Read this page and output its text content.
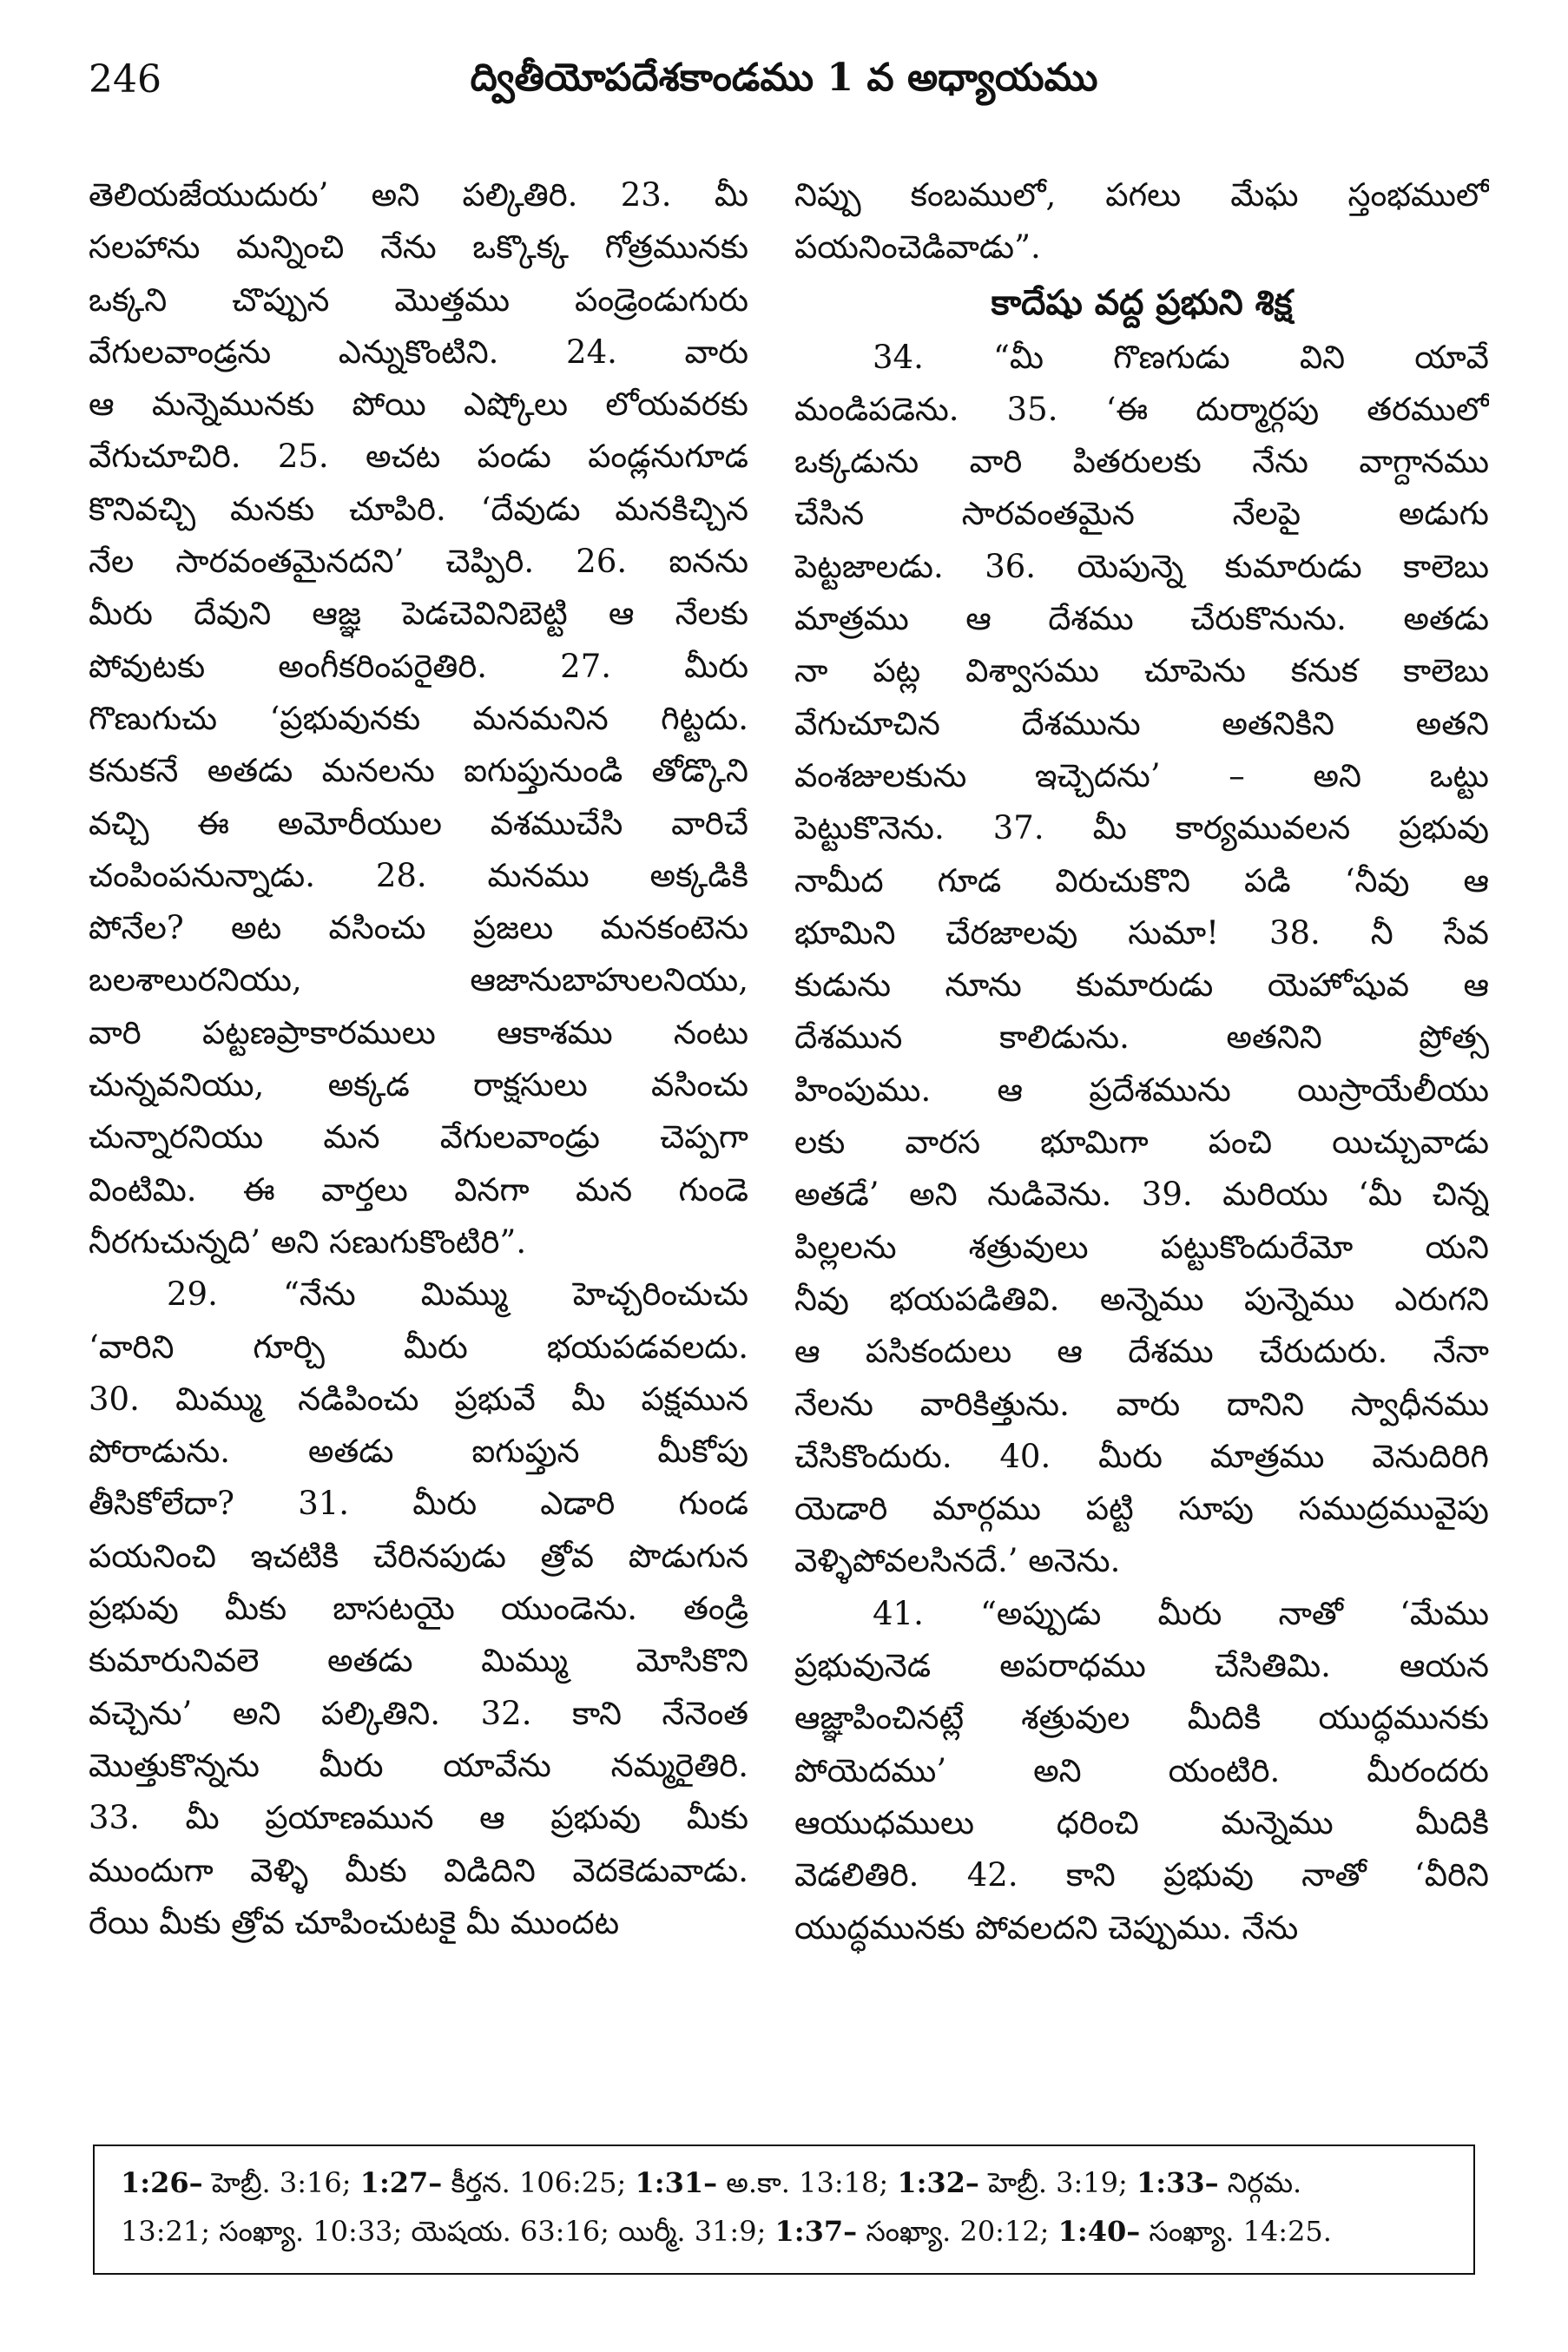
246	ద్వితీయోపదేశకాండము 1 వ అధ్యాయము
తెలియజేయుదురు’ అని పల్కితిరి. 23. మీ
సలహాను మన్నించి నేను ఒక్కొక్క గోత్రమునకు
ఒక్కని చొప్పున మొత్తము పండ్రెండుగురు
వేగులవాండ్రను ఎన్నుకొంటిని. 24. వారు
ఆ మన్నెమునకు పోయి ఎష్కోలు లోయవరకు
వేగుచూచిరి. 25. అచట పండు పండ్లనుగూడ
కొనివచ్చి మనకు చూపిరి. ‘దేవుడు మనకిచ్చిన
నేల సారవంతమైనదని’ చెప్పిరి. 26. ఐనను
మీరు దేవుని ఆజ్ఞ పెడచెవినిబెట్టి ఆ నేలకు
పోవుటకు అంగీకరింపరైతిరి. 27. మీరు
గొణుగుచు ‘ప్రభువునకు మనమనిన గిట్టదు.
కనుకనే అతడు మనలను ఐగుప్తునుండి తోడ్కొని
వచ్చి ఈ అమోరీయుల వశముచేసి వారిచే
చంపింపనున్నాడు. 28. మనము అక్కడికి
పోనేల? అట వసించు ప్రజలు మనకంటెను
బలశాలురనియు, ఆజానుబాహులనియు,
వారి పట్టణప్రాకారములు ఆకాశము నంటు
చున్నవనియు, అక్కడ రాక్షసులు వసించు
చున్నారనియు మన వేగులవాండ్రు చెప్పగా
వింటిమి. ఈ వార్తలు వినగా మన గుండె
నీరగుచున్నది’ అని సణుగుకొంటిరి”.
29. “నేను మిమ్ము హెచ్చరించుచు
‘వారిని గూర్చి మీరు భయపడవలదు.
30. మిమ్ము నడిపించు ప్రభువే మీ పక్షమున
పోరాడును. అతడు ఐగుప్తున మీకోపు
తీసికోలేదా? 31. మీరు ఎడారి గుండ
పయనించి ఇచటికి చేరినపుడు త్రోవ పొడుగున
ప్రభువు మీకు బాసటయై యుండెను. తండ్రి
కుమారునివలె అతడు మిమ్ము మోసికొని
వచ్చెను’ అని పల్కితిని. 32. కాని నేనెంత
మొత్తుకొన్నను మీరు యావేను నమ్మరైతిరి.
33. మీ ప్రయాణమున ఆ ప్రభువు మీకు
ముందుగా వెళ్ళి మీకు విడిదిని వెదకెడువాడు.
రేయి మీకు త్రోవ చూపించుటకై మీ ముందట
నిప్పు కంబములో, పగలు మేఘ స్తంభములో
పయనించెడివాడు”.
కాదేషు వద్ద ప్రభుని శిక్ష
34. “మీ గొణగుడు విని యావే
మండిపడెను. 35. ‘ఈ దుర్మార్గపు తరములో
ఒక్కడును వారి పితరులకు నేను వాగ్దానము
చేసిన సారవంతమైన నేలపై అడుగు
పెట్టజాలడు. 36. యెపున్నె కుమారుడు కాలెబు
మాత్రము ఆ దేశము చేరుకొనును. అతడు
నా పట్ల విశ్వాసము చూపెను కనుక కాలెబు
వేగుచూచిన దేశమును అతనికిని అతని
వంశజులకును ఇచ్చెదను’ – అని ఒట్టు
పెట్టుకొనెను. 37. మీ కార్యమువలన ప్రభువు
నామీద గూడ విరుచుకొని పడి ‘నీవు ఆ
భూమిని చేరజాలవు సుమా! 38. నీ సేవ
కుడును నూను కుమారుడు యెహోషువ ఆ
దేశమున కాలిడును. అతనిని ప్రోత్స
హింపుము. ఆ ప్రదేశమును యిస్రాయేలీయు
లకు వారస భూమిగా పంచి యిచ్చువాడు
అతడే’ అని నుడివెను. 39. మరియు ‘మీ చిన్న
పిల్లలను శత్రువులు పట్టుకొందురేమో యని
నీవు భయపడితివి. అన్నెము పున్నెము ఎరుగని
ఆ పసికందులు ఆ దేశము చేరుదురు. నేనా
నేలను వారికిత్తును. వారు దానిని స్వాధీనము
చేసికొందురు. 40. మీరు మాత్రము వెనుదిరిగి
యెడారి మార్గము పట్టి సూపు సముద్రమువైపు
వెళ్ళిపోవలసినదే.’ అనెను.
41. “అప్పుడు మీరు నాతో ‘మేము
ప్రభువునెడ అపరాధము చేసితిమి. ఆయన
ఆజ్ఞాపించినట్లే శత్రువుల మీదికి యుద్ధమునకు
పోయెదము’ అని యంటిరి. మీరందరు
ఆయుధములు ధరించి మన్నెము మీదికి
వెడలితిరి. 42. కాని ప్రభువు నాతో ‘వీరిని
యుద్ధమునకు పోవలదని చెప్పుము. నేను
1:26– హెబ్రీ. 3:16; 1:27– కీర్తన. 106:25; 1:31– అ.కా. 13:18; 1:32– హెబ్రీ. 3:19; 1:33– నిర్గమ.
13:21; సంఖ్యా. 10:33; యెషయ. 63:16; యిర్మీ. 31:9; 1:37– సంఖ్యా. 20:12; 1:40– సంఖ్యా. 14:25.
